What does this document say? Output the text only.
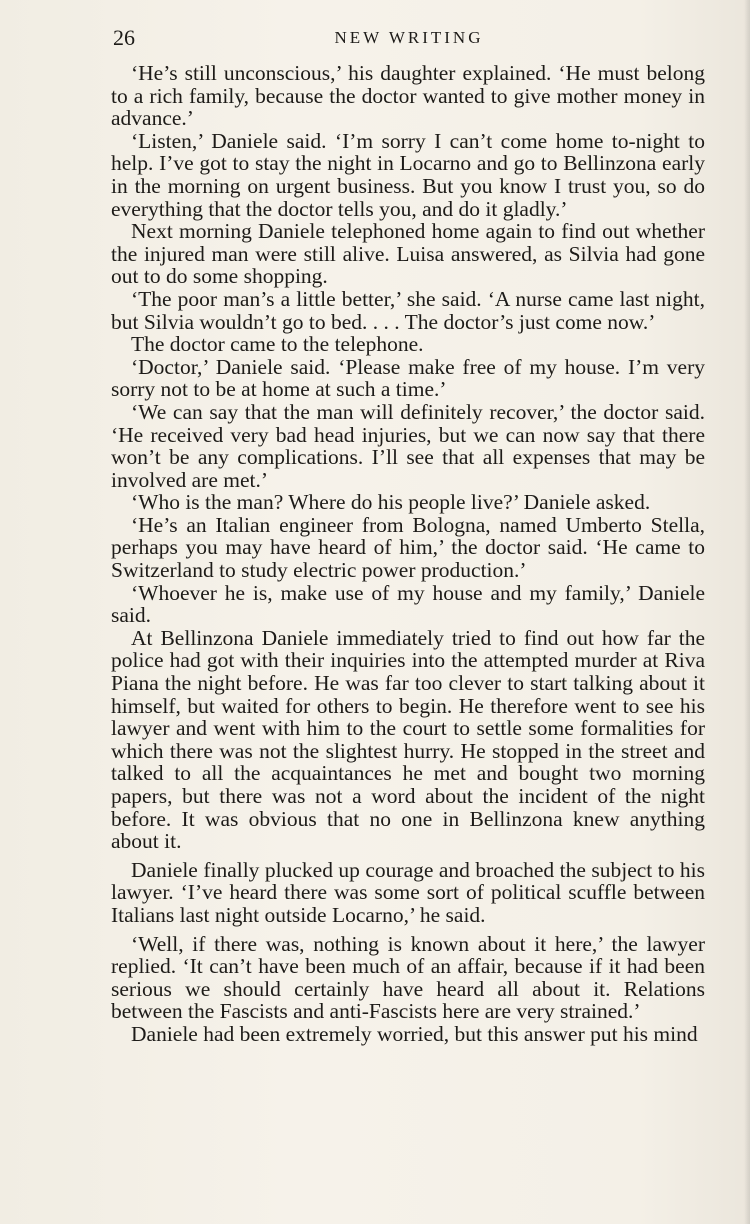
26	NEW WRITING

‘He’s still unconscious,’ his daughter explained. ‘He must belong to a rich family, because the doctor wanted to give mother money in advance.’

‘Listen,’ Daniele said. ‘I’m sorry I can’t come home to-night to help. I’ve got to stay the night in Locarno and go to Bellinzona early in the morning on urgent business. But you know I trust you, so do everything that the doctor tells you, and do it gladly.’

Next morning Daniele telephoned home again to find out whether the injured man were still alive. Luisa answered, as Silvia had gone out to do some shopping.

‘The poor man’s a little better,’ she said. ‘A nurse came last night, but Silvia wouldn’t go to bed. . . . The doctor’s just come now.’

The doctor came to the telephone.

‘Doctor,’ Daniele said. ‘Please make free of my house. I’m very sorry not to be at home at such a time.’

‘We can say that the man will definitely recover,’ the doctor said. ‘He received very bad head injuries, but we can now say that there won’t be any complications. I’ll see that all expenses that may be involved are met.’

‘Who is the man? Where do his people live?’ Daniele asked.

‘He’s an Italian engineer from Bologna, named Umberto Stella, perhaps you may have heard of him,’ the doctor said. ‘He came to Switzerland to study electric power production.’

‘Whoever he is, make use of my house and my family,’ Daniele said.

At Bellinzona Daniele immediately tried to find out how far the police had got with their inquiries into the attempted murder at Riva Piana the night before. He was far too clever to start talking about it himself, but waited for others to begin. He therefore went to see his lawyer and went with him to the court to settle some formalities for which there was not the slightest hurry. He stopped in the street and talked to all the acquaintances he met and bought two morning papers, but there was not a word about the incident of the night before. It was obvious that no one in Bellinzona knew anything about it.

Daniele finally plucked up courage and broached the subject to his lawyer. ‘I’ve heard there was some sort of political scuffle between Italians last night outside Locarno,’ he said.

‘Well, if there was, nothing is known about it here,’ the lawyer replied. ‘It can’t have been much of an affair, because if it had been serious we should certainly have heard all about it. Relations between the Fascists and anti-Fascists here are very strained.’

Daniele had been extremely worried, but this answer put his mind
